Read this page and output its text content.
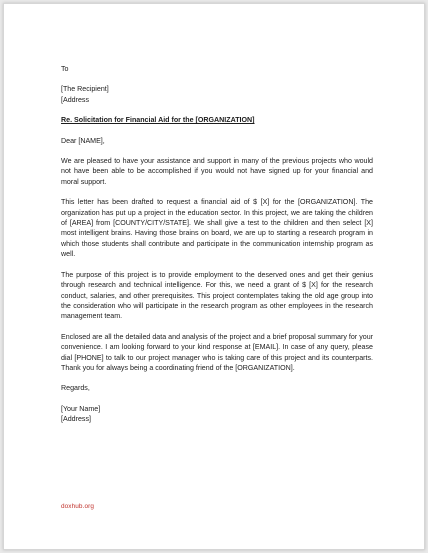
To

[The Recipient]

[Address

Re. Solicitation for Financial Aid for the [ORGANIZATION]

Dear [NAME],

We are pleased to have your assistance and support in many of the previous projects who would not have been able to be accomplished if you would not have signed up for your financial and moral support.

This letter has been drafted to request a financial aid of $ [X] for the [ORGANIZATION]. The organization has put up a project in the education sector. In this project, we are taking the children of [AREA] from [COUNTY/CITY/STATE]. We shall give a test to the children and then select [X] most intelligent brains. Having those brains on board, we are up to starting a research program in which those students shall contribute and participate in the communication internship program as well.

The purpose of this project is to provide employment to the deserved ones and get their genius through research and technical intelligence. For this, we need a grant of $ [X] for the research conduct, salaries, and other prerequisites. This project contemplates taking the old age group into the consideration who will participate in the research program as other employees in the research management team.

Enclosed are all the detailed data and analysis of the project and a brief proposal summary for your convenience. I am looking forward to your kind response at [EMAIL]. In case of any query, please dial [PHONE] to talk to our project manager who is taking care of this project and its counterparts. Thank you for always being a coordinating friend of the [ORGANIZATION].

Regards,

[Your Name]

[Address]

doxhub.org
